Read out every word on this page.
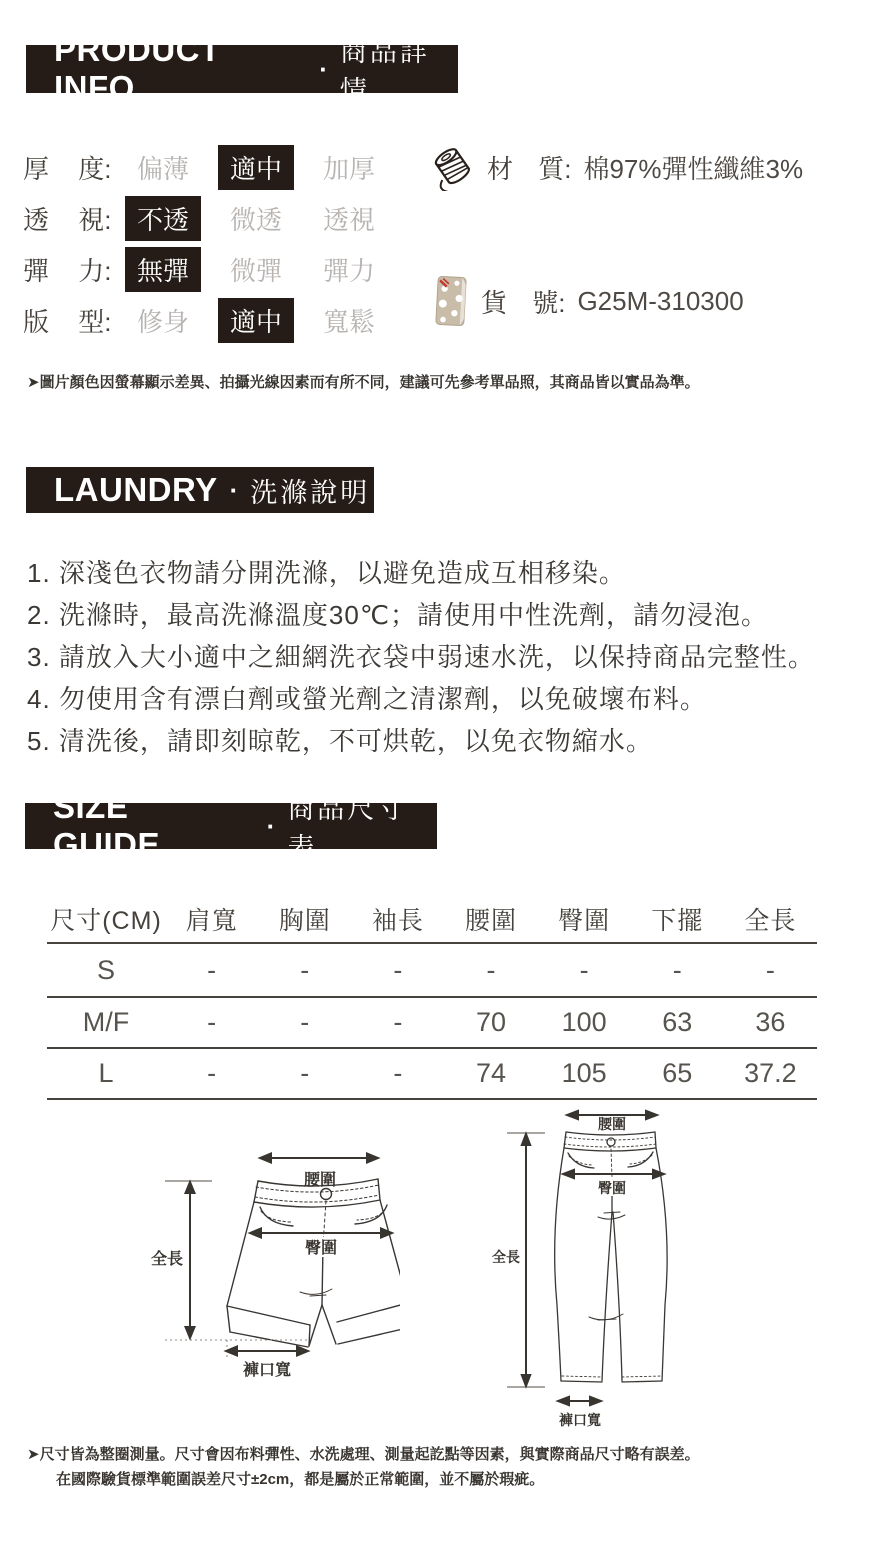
PRODUCT INFO
·
商品詳情
厚 度: 偏薄	適中	加厚
透 視: 不透	微透	透視
彈 力: 無彈	微彈	彈力
版 型: 修身	適中	寬鬆
材 質: 棉97%彈性纖維3%
貨 號: G25M-310300
➤圖片顏色因螢幕顯示差異、拍攝光線因素而有所不同，建議可先參考單品照，其商品皆以實品為準。
LAUNDRY · 洗滌說明
1. 深淺色衣物請分開洗滌，以避免造成互相移染。
2. 洗滌時，最高洗滌溫度30℃；請使用中性洗劑，請勿浸泡。
3. 請放入大小適中之細網洗衣袋中弱速水洗，以保持商品完整性。
4. 勿使用含有漂白劑或螢光劑之清潔劑，以免破壞布料。
5. 清洗後，請即刻晾乾，不可烘乾，以免衣物縮水。
SIZE GUIDE
·
商品尺寸表
尺寸(CM)	肩寬	胸圍	袖長	腰圍	臀圍	下擺	全長
S	-	-	-	-	-	-	-
M/F	-	-	-	70	100	63	36
L	-	-	-	74	105	65	37.2
腰圍
臀圍
全長
褲口寬
腰圍
臀圍
全長
褲口寬
➤尺寸皆為整圈測量。尺寸會因布料彈性、水洗處理、測量起訖點等因素，與實際商品尺寸略有誤差。
在國際驗貨標準範圍誤差尺寸±2cm，都是屬於正常範圍，並不屬於瑕疵。
